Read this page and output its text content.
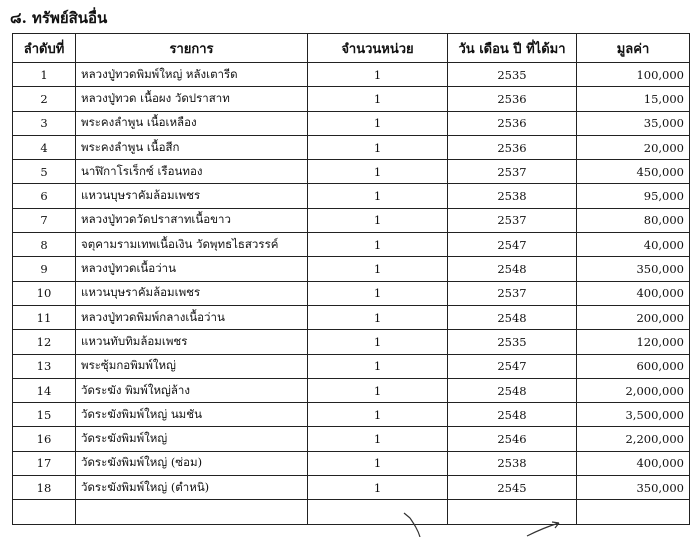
๘. ทรัพย์สินอื่น
ลำดับที่	รายการ	จำนวนหน่วย	วัน เดือน ปี ที่ได้มา	มูลค่า
1	หลวงปู่ทวดพิมพ์ใหญ่ หลังเตารีด	1	2535	100,000
2	หลวงปู่ทวด เนื้อผง วัดปราสาท	1	2536	15,000
3	พระคงลำพูน เนื้อเหลือง	1	2536	35,000
4	พระคงลำพูน เนื้อสีก	1	2536	20,000
5	นาฬิกาโรเร็กซ์ เรือนทอง	1	2537	450,000
6	แหวนบุษราคัมล้อมเพชร	1	2538	95,000
7	หลวงปู่ทวดวัดปราสาทเนื้อขาว	1	2537	80,000
8	จตุคามรามเทพเนื้อเงิน วัดพุทธไธสวรรค์	1	2547	40,000
9	หลวงปู่ทวดเนื้อว่าน	1	2548	350,000
10	แหวนบุษราคัมล้อมเพชร	1	2537	400,000
11	หลวงปู่ทวดพิมพ์กลางเนื้อว่าน	1	2548	200,000
12	แหวนทับทิมล้อมเพชร	1	2535	120,000
13	พระซุ้มกอพิมพ์ใหญ่	1	2547	600,000
14	วัดระฆัง พิมพ์ใหญ่ล้าง	1	2548	2,000,000
15	วัดระฆังพิมพ์ใหญ่ นมชัน	1	2548	3,500,000
16	วัดระฆังพิมพ์ใหญ่	1	2546	2,200,000
17	วัดระฆังพิมพ์ใหญ่ (ซ่อม)	1	2538	400,000
18	วัดระฆังพิมพ์ใหญ่ (ตำหนิ)	1	2545	350,000
